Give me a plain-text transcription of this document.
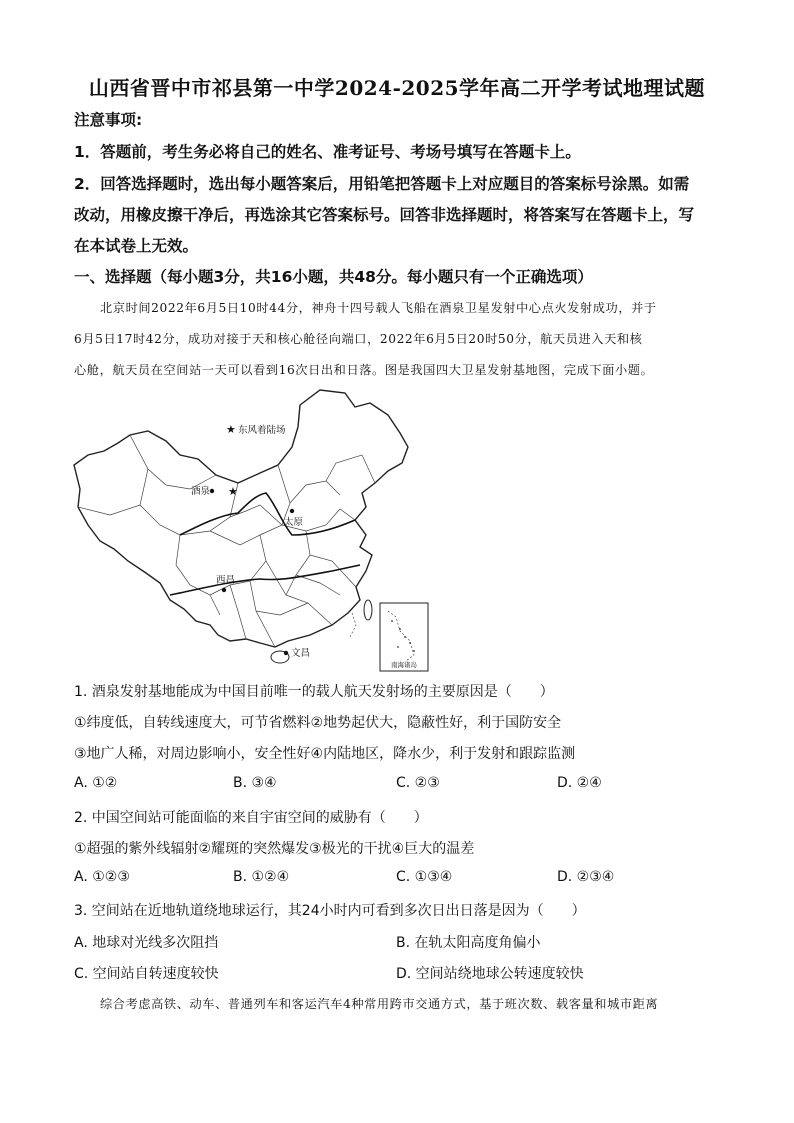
山西省晋中市祁县第一中学2024-2025学年高二开学考试地理试题
注意事项:
1．答题前，考生务必将自己的姓名、准考证号、考场号填写在答题卡上。
2．回答选择题时，选出每小题答案后，用铅笔把答题卡上对应题目的答案标号涂黑。如需
改动，用橡皮擦干净后，再选涂其它答案标号。回答非选择题时，将答案写在答题卡上，写
在本试卷上无效。
一、选择题（每小题3分，共16小题，共48分。每小题只有一个正确选项）
北京时间2022年6月5日10时44分，神舟十四号载人飞船在酒泉卫星发射中心点火发射成功，并于
6月5日17时42分，成功对接于天和核心舱径向端口，2022年6月5日20时50分，航天员进入天和核
心舱，航天员在空间站一天可以看到16次日出和日落。图是我国四大卫星发射基地图，完成下面小题。
南海诸岛
★ 东风着陆场
酒泉 ★
太原
西昌
文昌
1. 酒泉发射基地能成为中国目前唯一的载人航天发射场的主要原因是（　　）
①纬度低，自转线速度大，可节省燃料②地势起伏大，隐蔽性好，利于国防安全
③地广人稀，对周边影响小，安全性好④内陆地区，降水少，利于发射和跟踪监测
A. ①②	B. ③④	C. ②③	D. ②④
2. 中国空间站可能面临的来自宇宙空间的威胁有（　　）
①超强的紫外线辐射②耀斑的突然爆发③极光的干扰④巨大的温差
A. ①②③	B. ①②④	C. ①③④	D. ②③④
3. 空间站在近地轨道绕地球运行，其24小时内可看到多次日出日落是因为（　　）
A. 地球对光线多次阻挡	B. 在轨太阳高度角偏小
C. 空间站自转速度较快	D. 空间站绕地球公转速度较快
综合考虑高铁、动车、普通列车和客运汽车4种常用跨市交通方式，基于班次数、载客量和城市距离
